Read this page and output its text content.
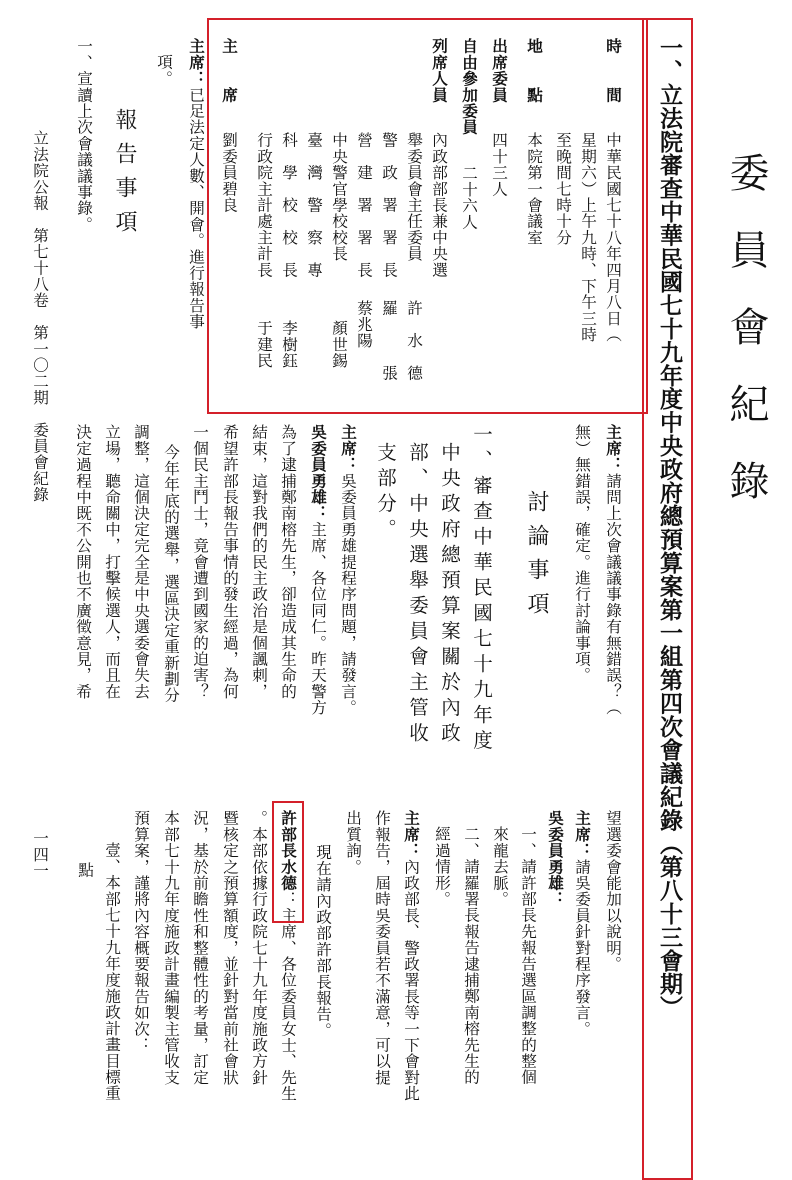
委員會紀錄
一、立法院審查中華民國七十九年度中央政府總預算案第一組第四次會議紀錄（第八十三會期）
時　　間
中華民國七十八年四月八日（
星期六）上午九時、下午三時
至晚間七時十分
地　　點
本院第一會議室
出席委員
四十三人
自由參加委員
二十六人
列席人員
內政部部長兼中央選
舉委員會主任委員
許　水　德
警　政　署　署　長
羅　　　張
營　建　署　署　長
蔡兆陽
中央警官學校校長
顏世錫
臺　灣　警　察　專
科　學　校　校　長
李樹鈺
行政院主計處主計長
于建民
主　　席
劉委員碧良
主席：已足法定人數、開會。進行報告事
項。
報告事項
一、宣讀上次會議議事錄。
立法院公報　第七十八卷　第一〇二期　委員會紀錄
一四一
主席：請問上次會議議事錄有無錯誤？（
無）無錯誤，確定。進行討論事項。
討論事項
一、審查中華民國七十九年度
中央政府總預算案關於內政
部、中央選舉委員會主管收
支部分。
主席：吳委員勇雄提程序問題，請發言。
吳委員勇雄：主席、各位同仁。昨天警方
為了逮捕鄭南榕先生，卻造成其生命的
結束，這對我們的民主政治是個諷刺，
希望許部長報告事情的發生經過，為何
一個民主鬥士，竟會遭到國家的迫害？
今年年底的選舉，選區決定重新劃分
調整，這個決定完全是中央選委會失去
立場，聽命關中，打擊候選人，而且在
決定過程中既不公開也不廣徵意見，希
望選委會能加以說明。
主席：請吳委員針對程序發言。
吳委員勇雄：
一、請許部長先報告選區調整的整個
來龍去脈。
二、請羅署長報告逮捕鄭南榕先生的
經過情形。
主席：內政部長、警政署長等一下會對此
作報告，屆時吳委員若不滿意，可以提
出質詢。
現在請內政部許部長報告。
許部長水德：主席、各位委員女士、先生
。本部依據行政院七十九年度施政方針
暨核定之預算額度，並針對當前社會狀
況，基於前瞻性和整體性的考量，訂定
本部七十九年度施政計畫編製主管收支
預算案，謹將內容概要報告如次：
點 壹、本部七十九年度施政計畫目標重
